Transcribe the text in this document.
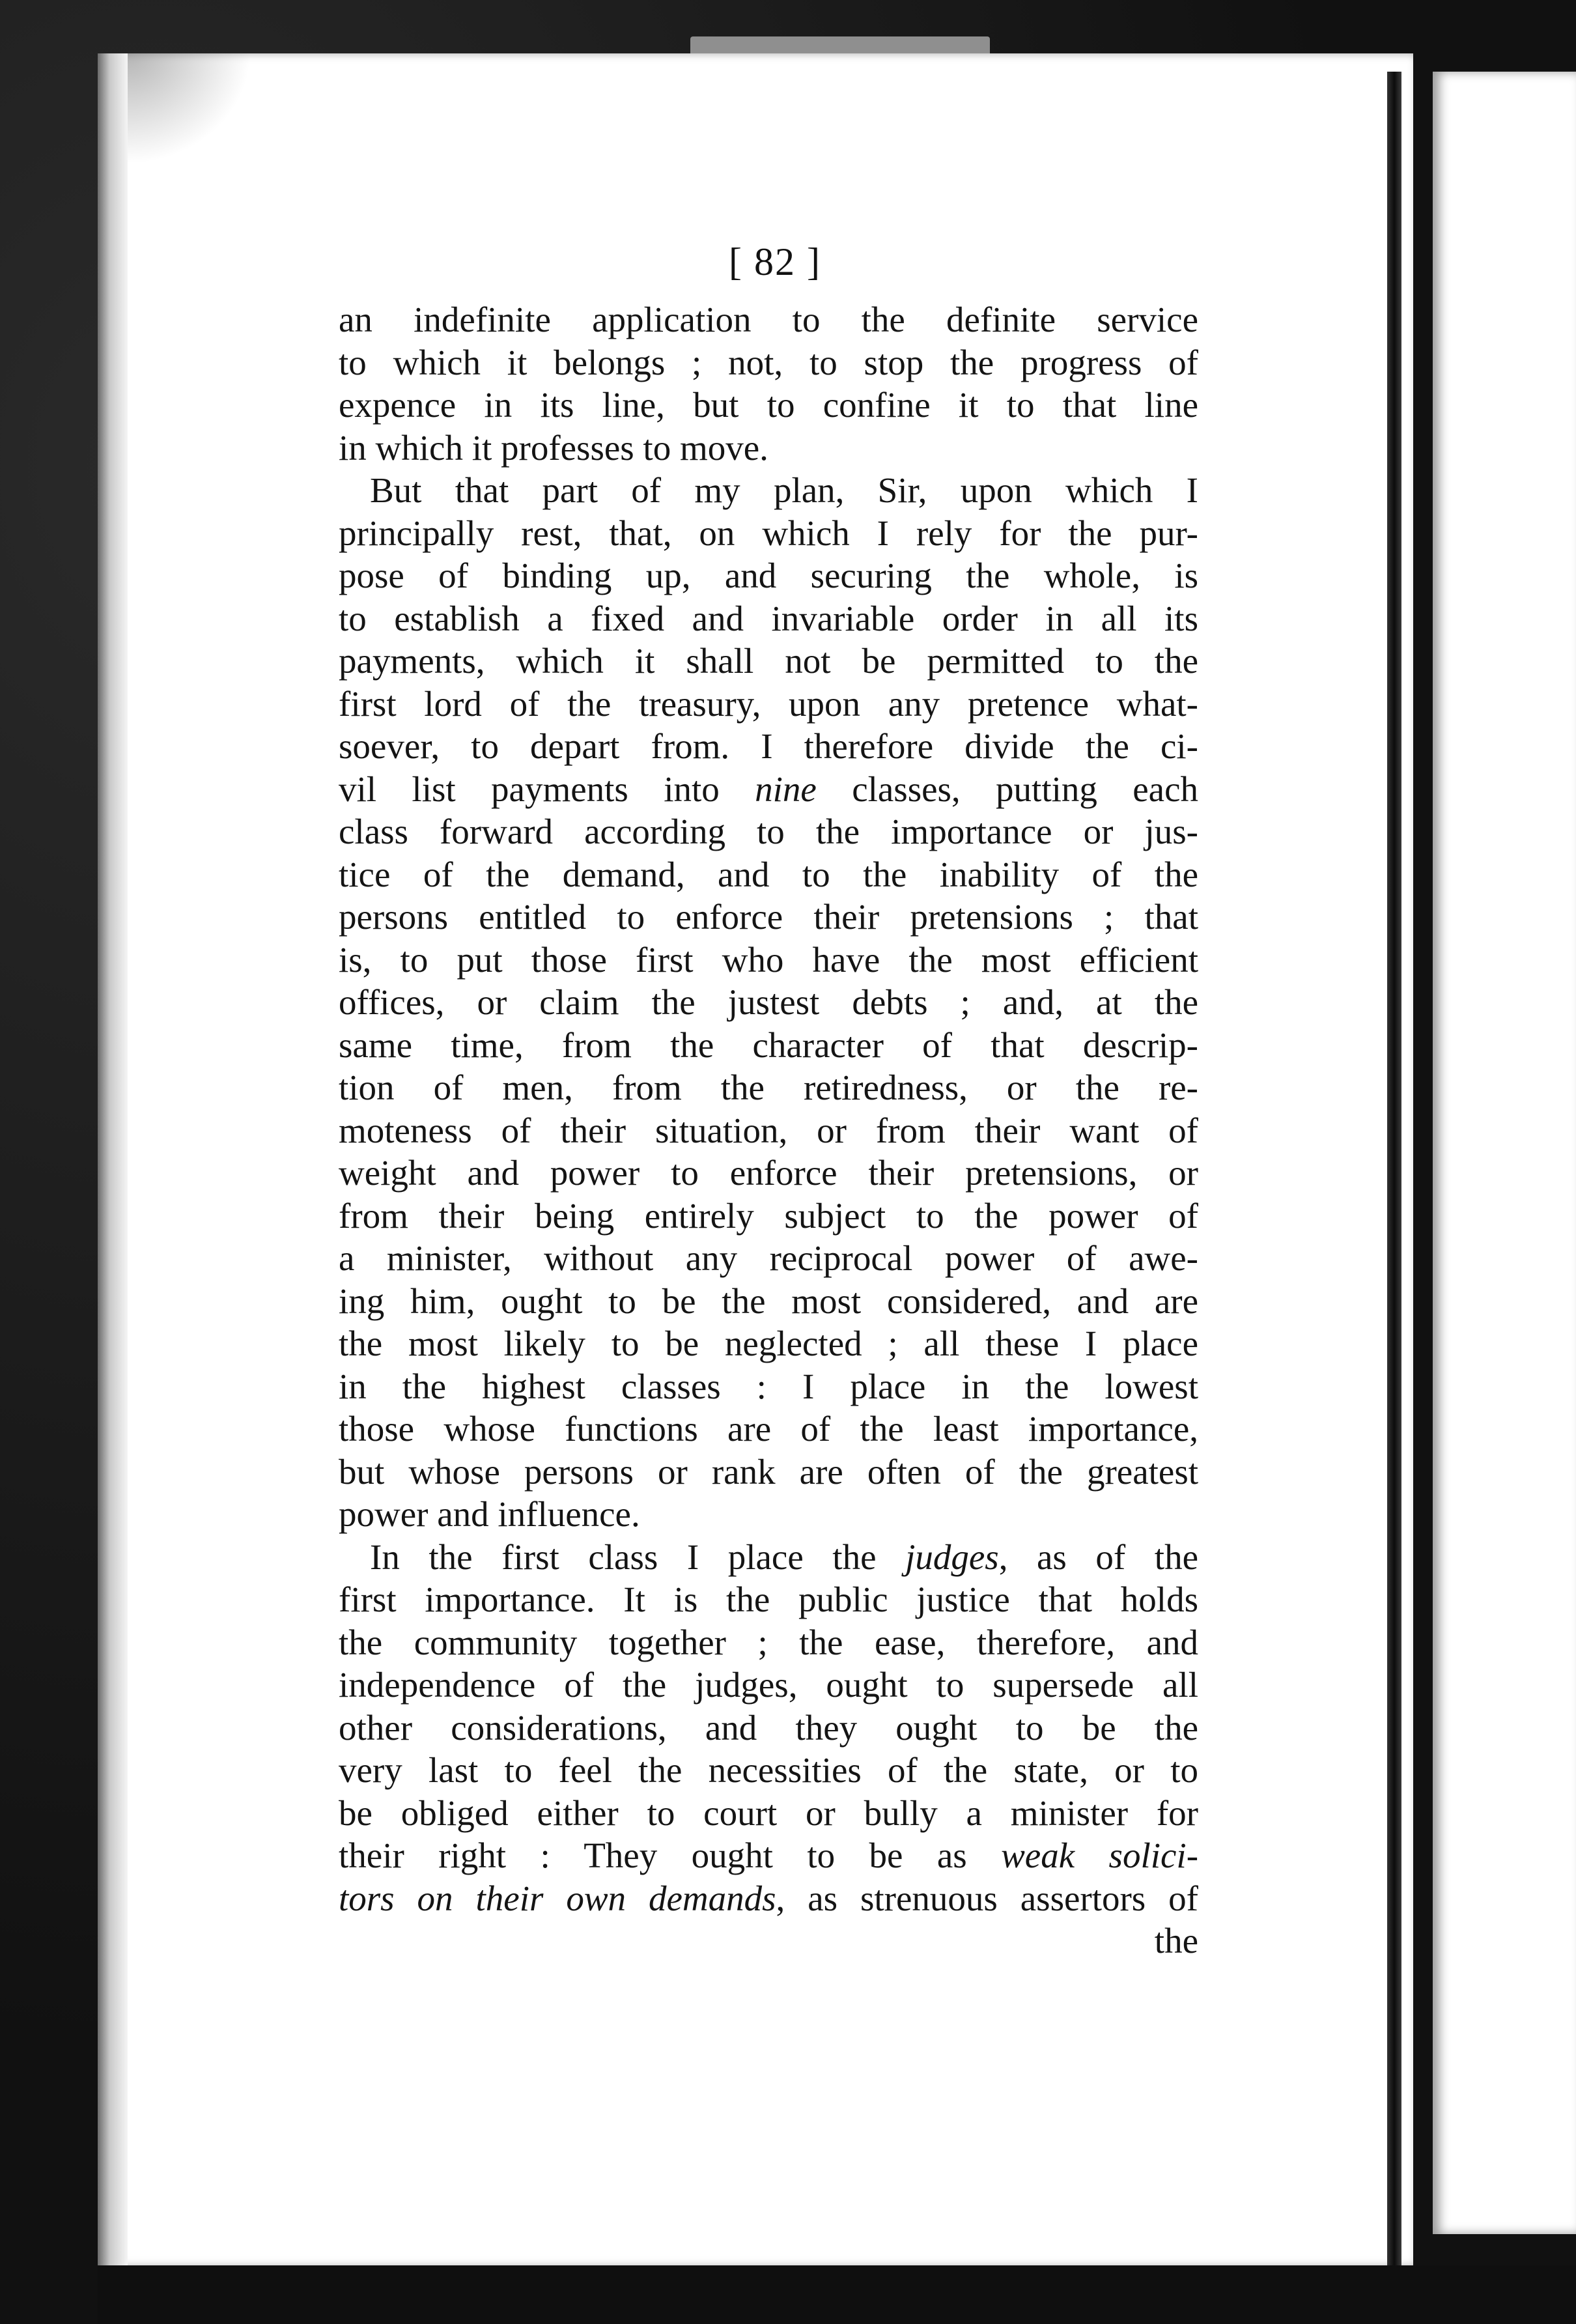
[ 82 ]
an indefinite application to the definite service
to which it belongs ; not, to stop the progress of
expence in its line, but to confine it to that line
in which it professes to move.
But that part of my plan, Sir, upon which I
principally rest, that, on which I rely for the pur-
pose of binding up, and securing the whole, is
to establish a fixed and invariable order in all its
payments, which it shall not be permitted to the
first lord of the treasury, upon any pretence what-
soever, to depart from. I therefore divide the ci-
vil list payments into nine classes, putting each
class forward according to the importance or jus-
tice of the demand, and to the inability of the
persons entitled to enforce their pretensions ; that
is, to put those first who have the most efficient
offices, or claim the justest debts ; and, at the
same time, from the character of that descrip-
tion of men, from the retiredness, or the re-
moteness of their situation, or from their want of
weight and power to enforce their pretensions, or
from their being entirely subject to the power of
a minister, without any reciprocal power of awe-
ing him, ought to be the most considered, and are
the most likely to be neglected ; all these I place
in the highest classes : I place in the lowest
those whose functions are of the least importance,
but whose persons or rank are often of the greatest
power and influence.
In the first class I place the judges, as of the
first importance. It is the public justice that holds
the community together ; the ease, therefore, and
independence of the judges, ought to supersede all
other considerations, and they ought to be the
very last to feel the necessities of the state, or to
be obliged either to court or bully a minister for
their right : They ought to be as weak solici-
tors on their own demands, as strenuous assertors of
the
